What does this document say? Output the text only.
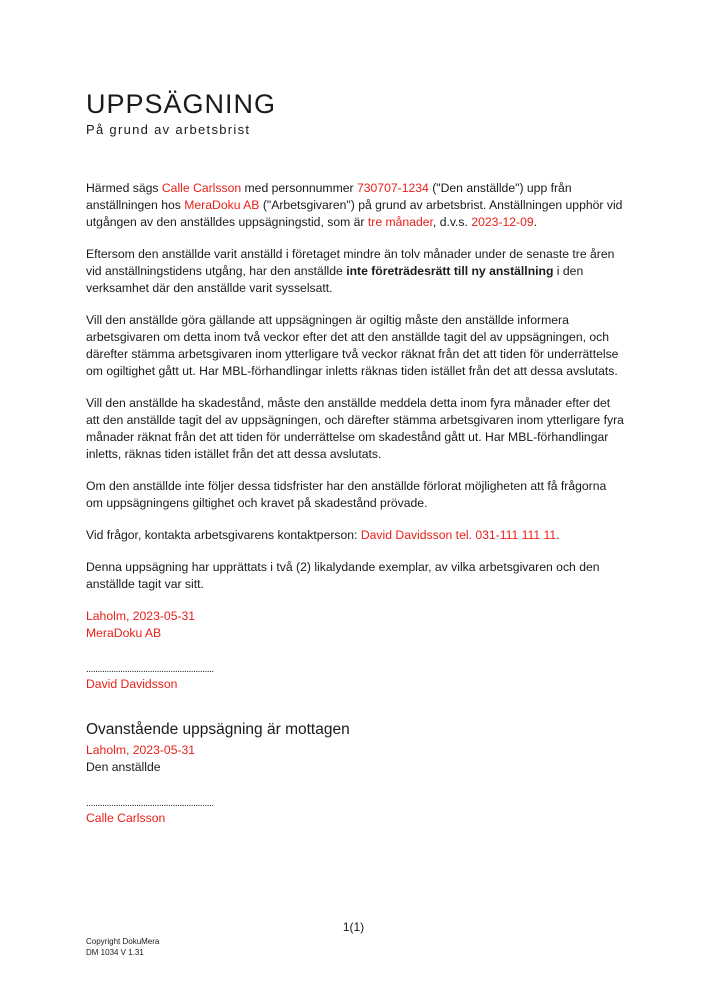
UPPSÄGNING

På grund av arbetsbrist

Härmed sägs Calle Carlsson med personnummer 730707-1234 ("Den anställde") upp från anställningen hos MeraDoku AB ("Arbetsgivaren") på grund av arbetsbrist. Anställningen upphör vid utgången av den anställdes uppsägningstid, som är tre månader, d.v.s. 2023-12-09.

Eftersom den anställde varit anställd i företaget mindre än tolv månader under de senaste tre åren vid anställningstidens utgång, har den anställde inte företrädesrätt till ny anställning i den verksamhet där den anställde varit sysselsatt.

Vill den anställde göra gällande att uppsägningen är ogiltig måste den anställde informera arbetsgivaren om detta inom två veckor efter det att den anställde tagit del av uppsägningen, och därefter stämma arbetsgivaren inom ytterligare två veckor räknat från det att tiden för underrättelse om ogiltighet gått ut. Har MBL-förhandlingar inletts räknas tiden istället från det att dessa avslutats.

Vill den anställde ha skadestånd, måste den anställde meddela detta inom fyra månader efter det att den anställde tagit del av uppsägningen, och därefter stämma arbetsgivaren inom ytterligare fyra månader räknat från det att tiden för underrättelse om skadestånd gått ut. Har MBL-förhandlingar inletts, räknas tiden istället från det att dessa avslutats.

Om den anställde inte följer dessa tidsfrister har den anställde förlorat möjligheten att få frågorna om uppsägningens giltighet och kravet på skadestånd prövade.

Vid frågor, kontakta arbetsgivarens kontaktperson: David Davidsson tel. 031-111 111 11.

Denna uppsägning har upprättats i två (2) likalydande exemplar, av vilka arbetsgivaren och den anställde tagit var sitt.

Laholm, 2023-05-31
MeraDoku AB
........................................................
David Davidsson
Ovanstående uppsägning är mottagen
Laholm, 2023-05-31
Den anställde
........................................................
Calle Carlsson
1(1)
Copyright DokuMera
DM 1034 V 1.31
